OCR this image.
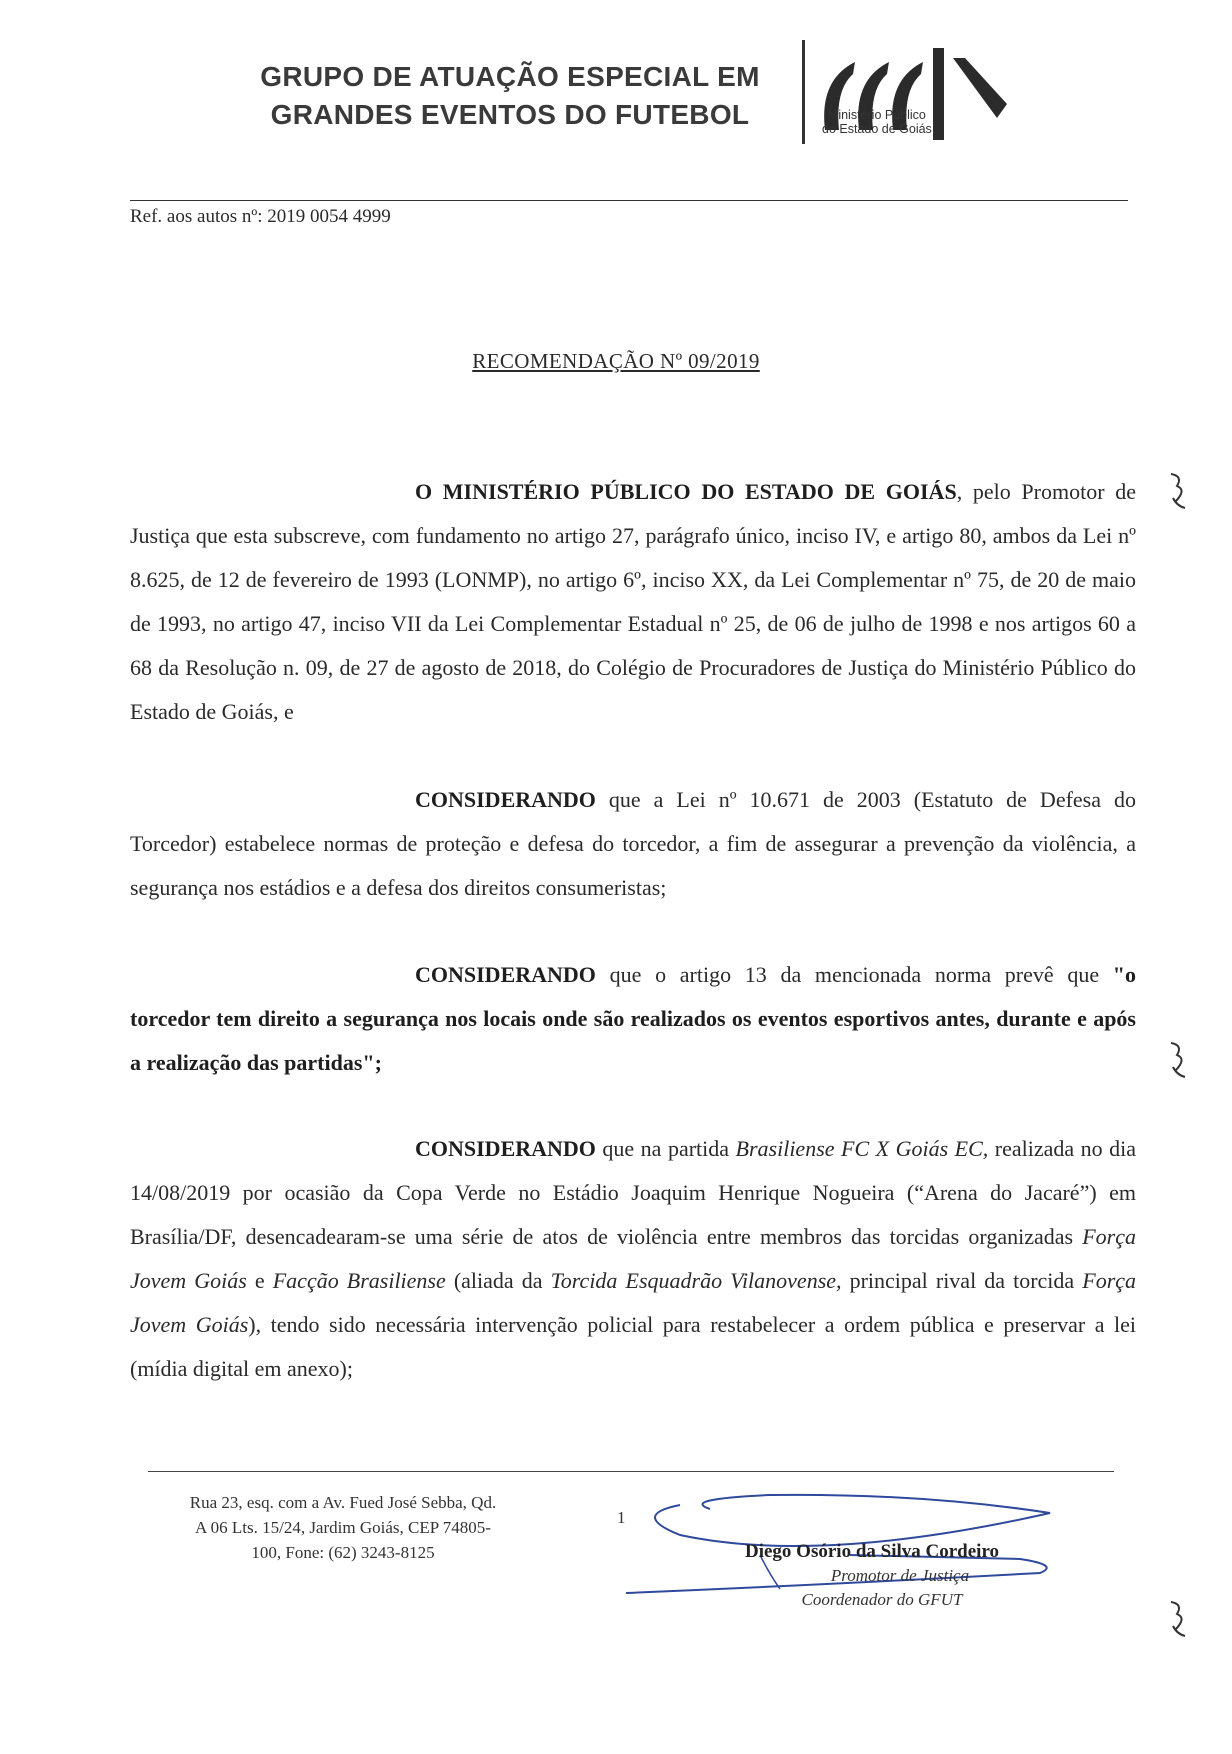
GRUPO DE ATUAÇÃO ESPECIAL EM
GRANDES EVENTOS DO FUTEBOL	Ministério Público
do Estado de Goiás
Ref. aos autos nº: 2019 0054 4999
RECOMENDAÇÃO Nº 09/2019
O MINISTÉRIO PÚBLICO DO ESTADO DE GOIÁS, pelo Promotor de Justiça que esta subscreve, com fundamento no artigo 27, parágrafo único, inciso IV, e artigo 80, ambos da Lei nº 8.625, de 12 de fevereiro de 1993 (LONMP), no artigo 6º, inciso XX, da Lei Complementar nº 75, de 20 de maio de 1993, no artigo 47, inciso VII da Lei Complementar Estadual nº 25, de 06 de julho de 1998 e nos artigos 60 a 68 da Resolução n. 09, de 27 de agosto de 2018, do Colégio de Procuradores de Justiça do Ministério Público do Estado de Goiás, e
CONSIDERANDO que a Lei nº 10.671 de 2003 (Estatuto de Defesa do Torcedor) estabelece normas de proteção e defesa do torcedor, a fim de assegurar a prevenção da violência, a segurança nos estádios e a defesa dos direitos consumeristas;
CONSIDERANDO que o artigo 13 da mencionada norma prevê que "o torcedor tem direito a segurança nos locais onde são realizados os eventos esportivos antes, durante e após a realização das partidas";
CONSIDERANDO que na partida Brasiliense FC X Goiás EC, realizada no dia 14/08/2019 por ocasião da Copa Verde no Estádio Joaquim Henrique Nogueira (“Arena do Jacaré”) em Brasília/DF, desencadearam-se uma série de atos de violência entre membros das torcidas organizadas Força Jovem Goiás e Facção Brasiliense (aliada da Torcida Esquadrão Vilanovense, principal rival da torcida Força Jovem Goiás), tendo sido necessária intervenção policial para restabelecer a ordem pública e preservar a lei (mídia digital em anexo);
Rua 23, esq. com a Av. Fued José Sebba, Qd.
A 06 Lts. 15/24, Jardim Goiás, CEP 74805-
100, Fone: (62) 3243-8125
1
Diego Osório da Silva Cordeiro
Promotor de Justiça
Coordenador do GFUT
